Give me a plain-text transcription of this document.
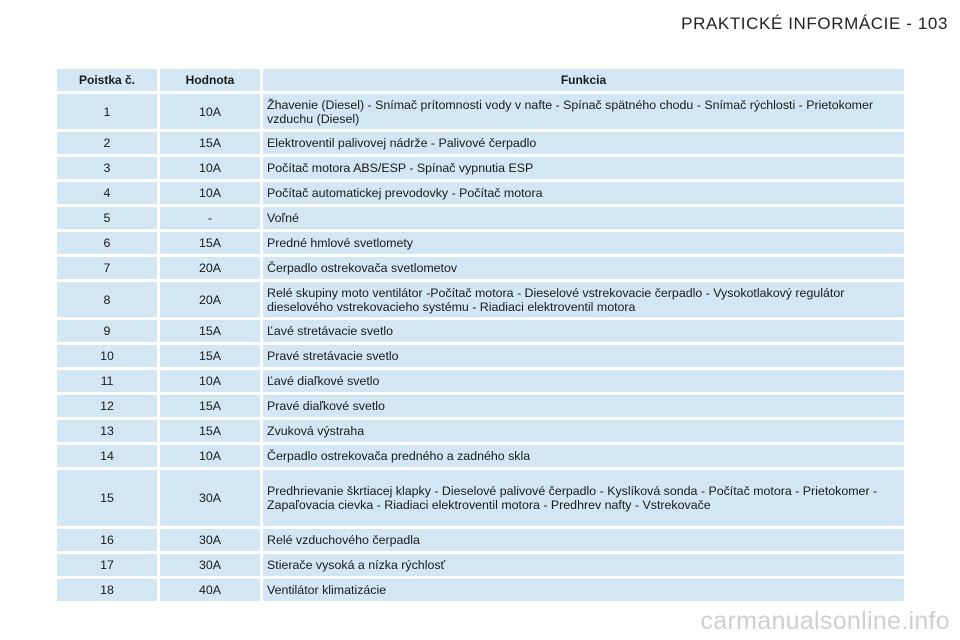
PRAKTICKÉ INFORMÁCIE - 103
Poistka č.	Hodnota	Funkcia
1	10A	Žhavenie (Diesel) - Snímač prítomnosti vody v nafte - Spínač spätného chodu - Snímač rýchlosti - Prietokomer vzduchu (Diesel)
2	15A	Elektroventil palivovej nádrže - Palivové čerpadlo
3	10A	Počítač motora ABS/ESP - Spínač vypnutia ESP
4	10A	Počítač automatickej prevodovky - Počítač motora
5	-	Voľné
6	15A	Predné hmlové svetlomety
7	20A	Čerpadlo ostrekovača svetlometov
8	20A	Relé skupiny moto ventilátor -Počítač motora - Dieselové vstrekovacie čerpadlo - Vysokotlakový regulátor dieselového vstrekovacieho systému - Riadiaci elektroventil motora
9	15A	Ľavé stretávacie svetlo
10	15A	Pravé stretávacie svetlo
11	10A	Ľavé diaľkové svetlo
12	15A	Pravé diaľkové svetlo
13	15A	Zvuková výstraha
14	10A	Čerpadlo ostrekovača predného a zadného skla
15	30A	Predhrievanie škrtiacej klapky - Dieselové palivové čerpadlo - Kyslíková sonda - Počítač motora - Prietokomer - Zapaľovacia cievka - Riadiaci elektroventil motora - Predhrev nafty - Vstrekovače
16	30A	Relé vzduchového čerpadla
17	30A	Stierače vysoká a nízka rýchlosť
18	40A	Ventilátor klimatizácie
carmanualsonline.info
